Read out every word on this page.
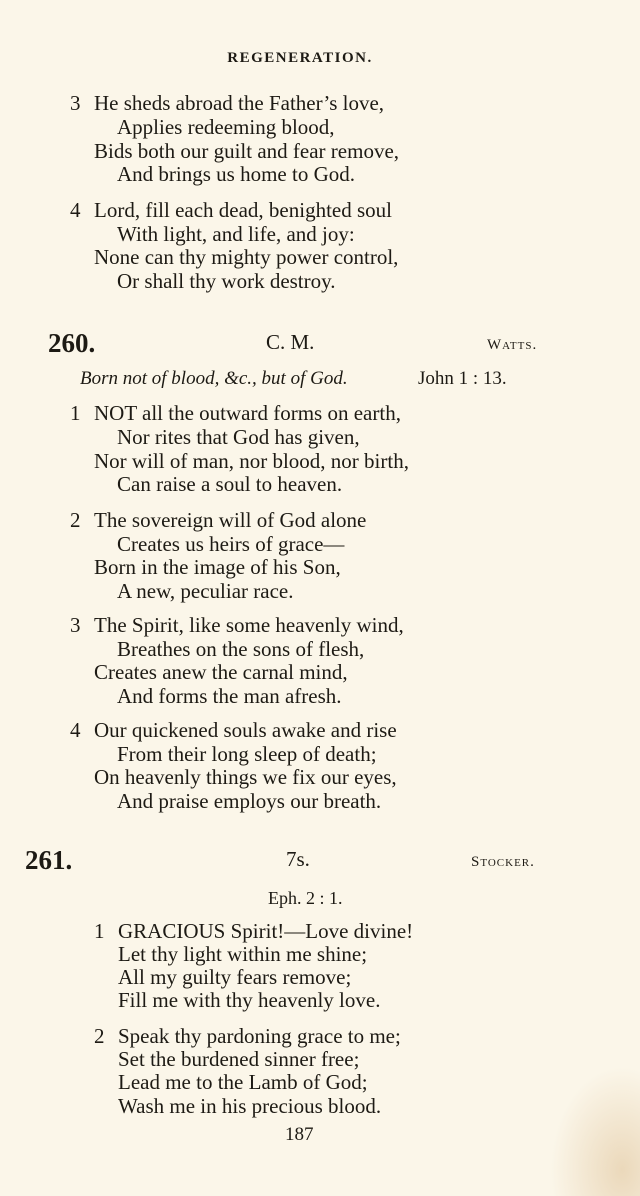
REGENERATION.
3 He sheds abroad the Father’s love,
Applies redeeming blood,
Bids both our guilt and fear remove,
And brings us home to God.
4 Lord, fill each dead, benighted soul
With light, and life, and joy:
None can thy mighty power control,
Or shall thy work destroy.
260.	C. M.	Watts.
Born not of blood, &c., but of God.	John 1 : 13.
1 NOT all the outward forms on earth,
Nor rites that God has given,
Nor will of man, nor blood, nor birth,
Can raise a soul to heaven.
2 The sovereign will of God alone
Creates us heirs of grace—
Born in the image of his Son,
A new, peculiar race.
3 The Spirit, like some heavenly wind,
Breathes on the sons of flesh,
Creates anew the carnal mind,
And forms the man afresh.
4 Our quickened souls awake and rise
From their long sleep of death;
On heavenly things we fix our eyes,
And praise employs our breath.
261.	7s.	Stocker.
Eph. 2 : 1.
1 GRACIOUS Spirit!—Love divine!
Let thy light within me shine;
All my guilty fears remove;
Fill me with thy heavenly love.
2 Speak thy pardoning grace to me;
Set the burdened sinner free;
Lead me to the Lamb of God;
Wash me in his precious blood.
187
